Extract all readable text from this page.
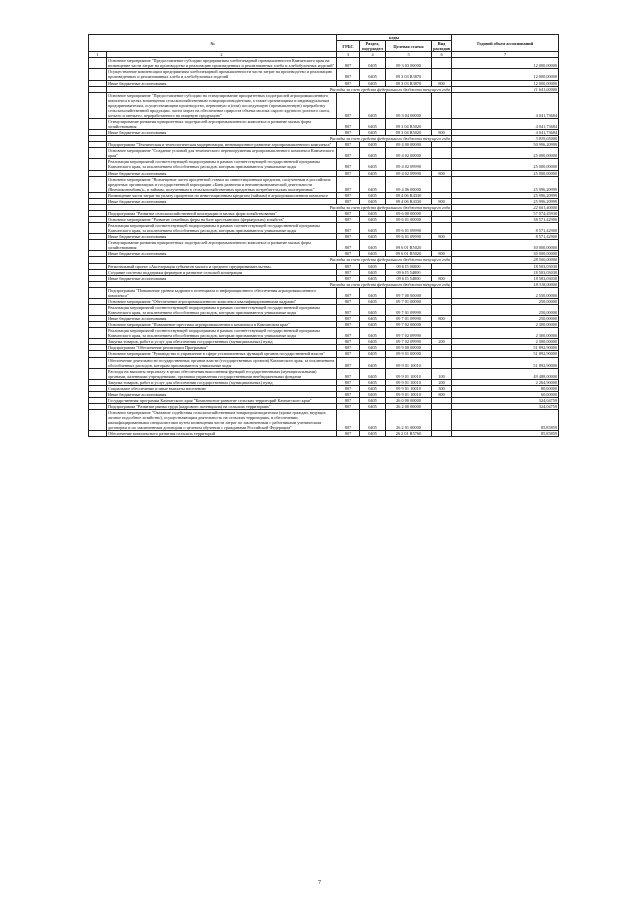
№		коды				Годовой объем ассигнований
		ГРБС	Раздел, под-раздел	Целевая статья	Вид расходов	
1	2	3	4	5	6	7
	Основное мероприятие "Предоставление субсидии предприятиям хлебопекарной промышленности Камчатского края на возмещение части затрат на производство и реализацию произведенных и реализованных хлеба и хлебобулочных изделий"	807	0405	09 3 03 00000		12 000,00000
	Осуществление компенсации предприятиям хлебопекарной промышленности части затрат на производство и реализацию произведенных и реализованных хлеба и хлебобулочных изделий	807	0405	09 3 03 R3870		12 000,00000
	Иные бюджетные ассигнования	807	0405	09 3 03 R3870	800	12 000,00000
	Расходы за счет средств федерального бюджета текущего года					11 641,00000
	Основное мероприятие "Предоставление субсидии на стимулирование приоритетных подотраслей агропромышленного комплекса в целях возмещения сельскохозяйственным товаропроизводителям, а также организациям и индивидуальным предпринимателям, осуществляющим производство, первичную и (или) последующую (промышленную) переработку сельскохозяйственной продукции, части затрат на обеспечение прироста объема молока сырого крупного рогатого скота, козьего и овечьего, переработанного на пищевую продукцию"	807	0405	09 3 04 00000		4 041,73684
	Стимулирование развития приоритетных подотраслей агропромышленного комплекса и развитие малых форм хозяйствования	807	0405	09 3 04 R5020		4 041,73684
	Иные бюджетные ассигнования	807	0405	09 3 04 R5020	800	4 041,73684
	Расходы за счет средств федерального бюджета текущего года					3 839,65000
	Подпрограмма "Техническая и технологическая модернизация, инновационное развитие агропромышленного комплекса"	807	0405	09 4 00 00000		50 996,20999
	Основное мероприятие "Создание условий для технического перевооружения агропромышленного комплекса Камчатского края"	807	0405	09 4 02 00000		25 000,00000
	Реализация мероприятий соответствующей подпрограммы в рамках соответствующей государственной программы Камчатского края, за исключением обособленных расходов, которым присваиваются уникальные коды	807	0405	09 4 02 09990		25 000,00000
	Иные бюджетные ассигнования	807	0405	09 4 02 09990	800	25 000,00000
	Основное мероприятие "Возмещение части процентной ставки по инвестиционным кредитам, полученным в российских кредитных организациях и государственной корпорации «Банк развития и внешнеэкономической деятельности (Внешэкономбанк)», и займам, полученным в сельскохозяйственных кредитных потребительских кооперативах"	807	0405	09 4 06 00000		25 996,20999
	Возмещение части затрат на уплату процентов по инвестиционным кредитам (займам) в агропромышленном комплексе	807	0405	09 4 06 R4330		25 996,20999
	Иные бюджетные ассигнования	807	0405	09 4 06 R4330	800	25 996,20999
	Расходы за счет средств федерального бюджета текущего года					22 601,40000
	Подпрограмма "Развитие сельскохозяйственной кооперации и малых форм хозяйствования"	807	0405	09 6 00 00000		57 074,45930
	Основное мероприятие "Развитие семейных ферм на базе крестьянских (фермерских) хозяйств"	807	0405	09 6 01 00000		38 571,42900
	Реализация мероприятий соответствующей подпрограммы в рамках соответствующей государственной программы Камчатского края, за исключением обособленных расходов, которым присваиваются уникальные коды	807	0405	09 6 01 09990		8 571,42900
	Иные бюджетные ассигнования	807	0405	09 6 01 09990	800	8 571,42900
	Стимулирование развития приоритетных подотраслей агропромышленного комплекса и развитие малых форм хозяйствования	807	0405	09 6 01 R5020		30 000,00000
	Иные бюджетные ассигнования	807	0405	09 6 01 R5020	800	30 000,00000
	Расходы за счет средств федерального бюджета текущего года					28 500,00000
	Региональный проект «Акселерация субъектов малого и среднего предпринимательства»	807	0405	09 6 I5 00000		18 503,03030
	Создание системы поддержки фермеров и развитие сельской кооперации	807	0405	09 6 I5 54800		18 503,03030
	Иные бюджетные ассигнования	807	0405	09 6 I5 54800	800	18 503,03030
	Расходы за счет средств федерального бюджета текущего года					18 318,00000
	Подпрограмма "Повышение уровня кадрового потенциала и информационного обеспечения агропромышленного комплекса"	807	0405	09 7 00 00000		2 550,00000
	Основное мероприятие "Обеспечение агропромышленного комплекса квалифицированными кадрами"	807	0405	09 7 01 00000		250,00000
	Реализация мероприятий соответствующей подпрограммы в рамках соответствующей государственной программы Камчатского края, за исключением обособленных расходов, которым присваиваются уникальные коды	807	0405	09 7 01 09990		250,00000
	Иные бюджетные ассигнования	807	0405	09 7 01 09990	800	250,00000
	Основное мероприятие "Повышение престижа агропромышленного комплекса в Камчатском крае"	807	0405	09 7 02 00000		2 300,00000
	Реализация мероприятий соответствующей подпрограммы в рамках соответствующей государственной программы Камчатского края, за исключением обособленных расходов, которым присваиваются уникальные коды	807	0405	09 7 02 09990		2 300,00000
	Закупка товаров, работ и услуг для обеспечения государственных (муниципальных) нужд	807	0405	09 7 02 09990	200	2 300,00000
	Подпрограмма "Обеспечение реализации Программы"	807	0405	09 9 00 00000		51 892,90000
	Основное мероприятие "Руководство и управление в сфере установленных функций органов государственной власти"	807	0405	09 9 01 00000		51 892,90000
	Обеспечение деятельности государственных органов власти (государственных органов) Камчатского края, за исключением обособленных расходов, которым присваиваются уникальные коды	807	0405	09 9 01 10010		51 892,90000
	Расходы на выплаты персоналу в целях обеспечения выполнения функций государственными (муниципальными) органами, казенными учреждениями, органами управления государственными внебюджетными фондами	807	0405	09 9 01 10010	100	49 488,00000
	Закупка товаров, работ и услуг для обеспечения государственных (муниципальных) нужд	807	0405	09 9 01 10010	200	2 264,90000
	Социальное обеспечение и иные выплаты населению	807	0405	09 9 01 10010	300	80,00000
	Иные бюджетные ассигнования	807	0405	09 9 01 10010	800	60,00000
	Государственная программа Камчатского края "Комплексное развитие сельских территорий Камчатского края"	807	0405	26 0 00 00000		324,04759
	Подпрограмма "Развитие рынка труда (кадрового потенциала) на сельских территориях"	807	0405	26 2 00 00000		324,04759
	Основное мероприятие "Оказание содействия сельскохозяйственным товаропроизводителям (кроме граждан, ведущих личное подсобное хозяйство), осуществляющим деятельность на сельских территориях, в обеспечении квалифицированными специалистами путем возмещения части затрат по заключенным с работниками ученическим договорам и по заключенным договорам о целевом обучении с гражданами Российской Федерации"	807	0405	26 2 01 00000		85,85859
	Обеспечение комплексного развития сельских территорий	807	0405	26 2 01 R5760		85,85859
7
